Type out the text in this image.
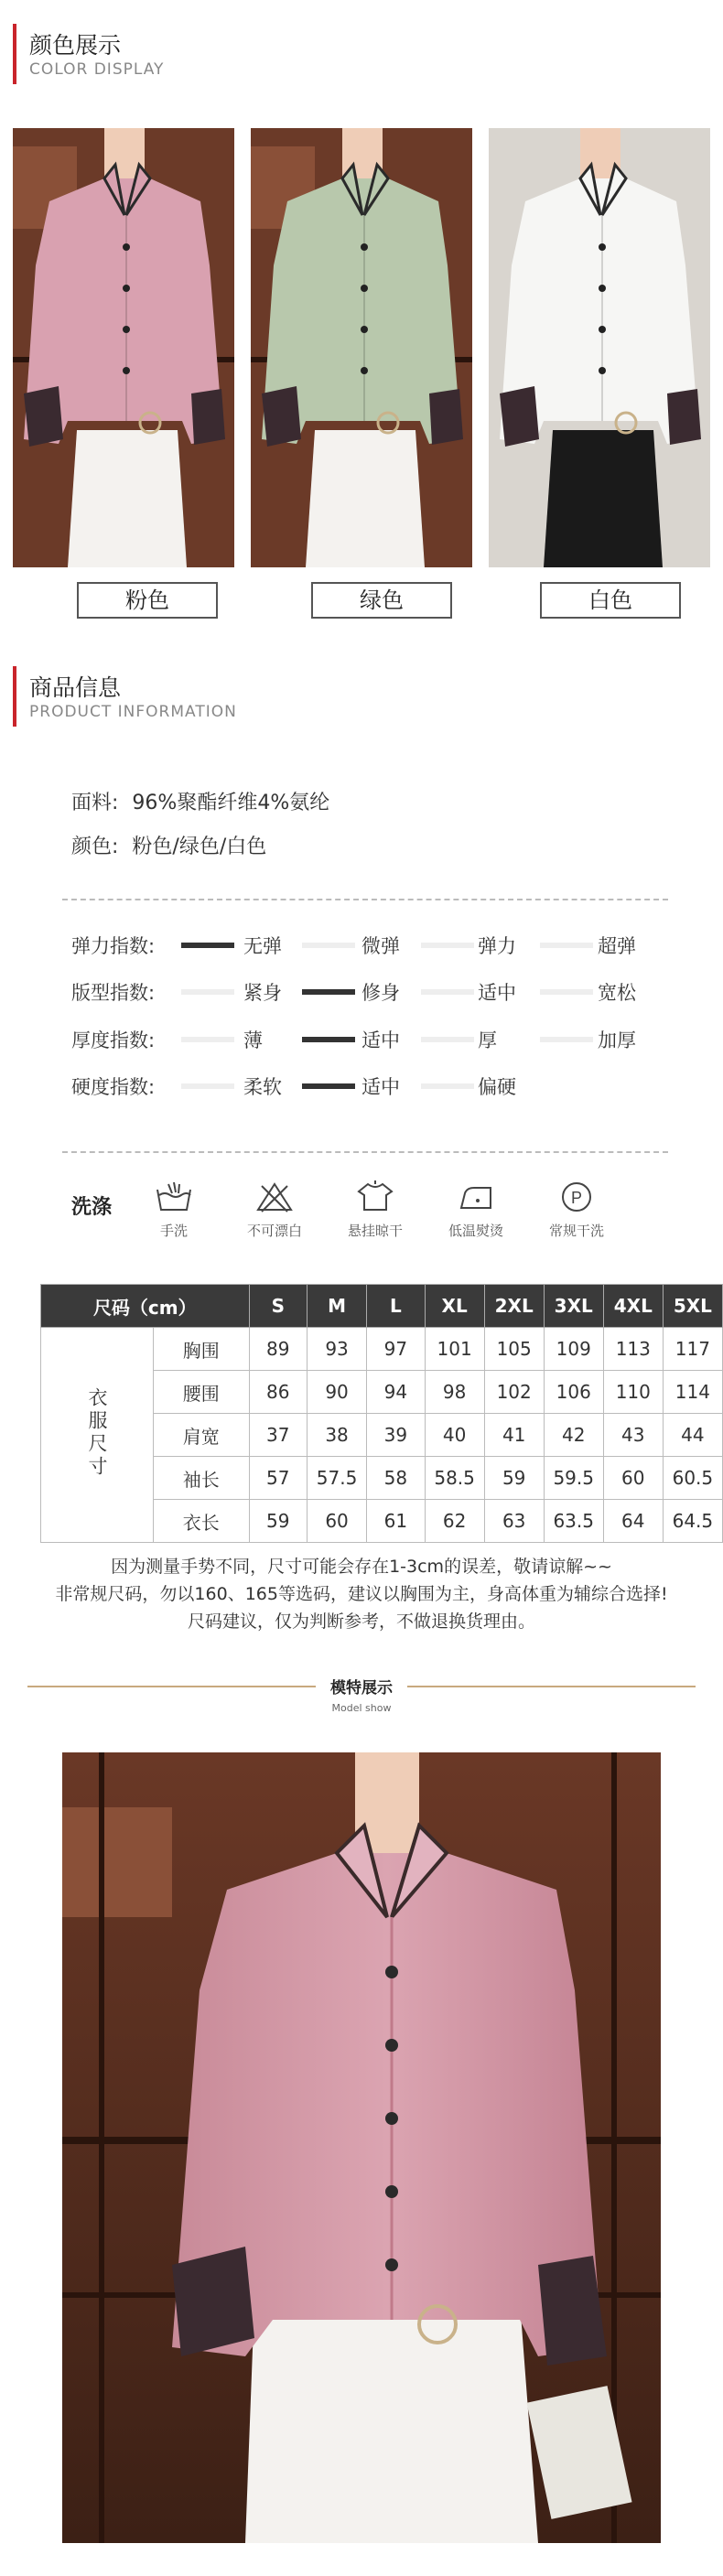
颜色展示
COLOR DISPLAY
粉色	绿色	白色
商品信息
PRODUCT INFORMATION
面料: 96%聚酯纤维4%氨纶
颜色: 粉色/绿色/白色
弹力指数:	无弹	微弹	弹力	超弹
版型指数:	紧身	修身	适中	宽松
厚度指数:	薄	适中	厚	加厚
硬度指数:	柔软	适中	偏硬
洗涤
手洗	不可漂白	悬挂晾干	低温熨烫
P
常规干洗
尺码（cm）		S	M	L	XL	2XL	3XL	4XL	5XL
衣服尺寸	胸围	89	93	97	101	105	109	113	117
	腰围	86	90	94	98	102	106	110	114
	肩宽	37	38	39	40	41	42	43	44
	袖长	57	57.5	58	58.5	59	59.5	60	60.5
	衣长	59	60	61	62	63	63.5	64	64.5
因为测量手势不同，尺寸可能会存在1-3cm的误差，敬请谅解~~
非常规尺码，勿以160、165等选码，建议以胸围为主，身高体重为辅综合选择!
尺码建议，仅为判断参考，不做退换货理由。
模特展示
Model show
